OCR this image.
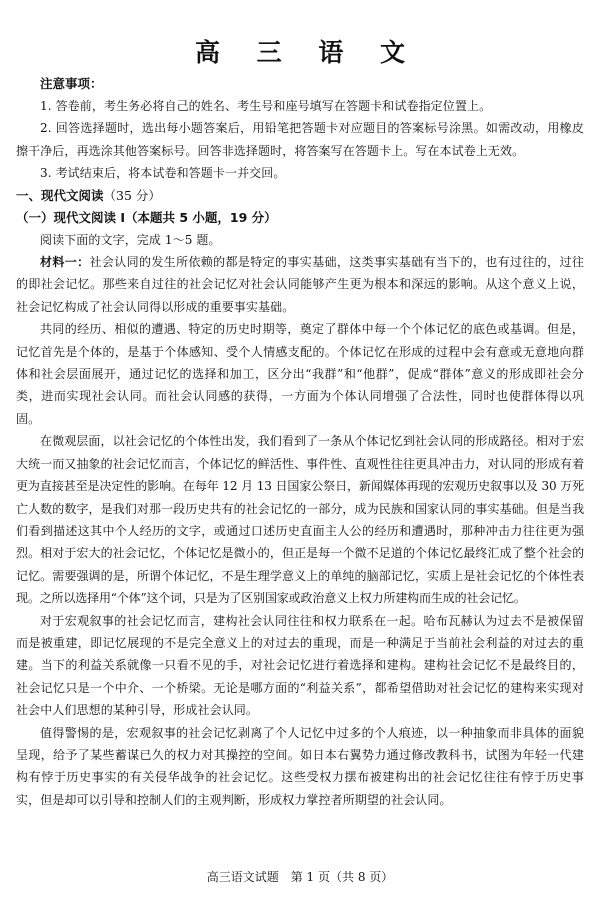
高 三 语 文
注意事项：

1. 答卷前，考生务必将自己的姓名、考生号和座号填写在答题卡和试卷指定位置上。

2. 回答选择题时，选出每小题答案后，用铅笔把答题卡对应题目的答案标号涂黑。如需改动，用橡皮擦干净后，再选涂其他答案标号。回答非选择题时，将答案写在答题卡上。写在本试卷上无效。

3. 考试结束后，将本试卷和答题卡一并交回。

一、现代文阅读（35 分）

（一）现代文阅读 I（本题共 5 小题，19 分）

阅读下面的文字，完成 1～5 题。

材料一：社会认同的发生所依赖的都是特定的事实基础，这类事实基础有当下的，也有过往的，过往的即社会记忆。那些来自过往的社会记忆对社会认同能够产生更为根本和深远的影响。从这个意义上说，社会记忆构成了社会认同得以形成的重要事实基础。

共同的经历、相似的遭遇、特定的历史时期等，奠定了群体中每一个个体记忆的底色或基调。但是，记忆首先是个体的，是基于个体感知、受个人情感支配的。个体记忆在形成的过程中会有意或无意地向群体和社会层面展开，通过记忆的选择和加工，区分出“我群”和“他群”，促成“群体”意义的形成即社会分类，进而实现社会认同。而社会认同感的获得，一方面为个体认同增强了合法性，同时也使群体得以巩固。

在微观层面，以社会记忆的个体性出发，我们看到了一条从个体记忆到社会认同的形成路径。相对于宏大统一而又抽象的社会记忆而言，个体记忆的鲜活性、事件性、直观性往往更具冲击力，对认同的形成有着更为直接甚至是决定性的影响。在每年 12 月 13 日国家公祭日，新闻媒体再现的宏观历史叙事以及 30 万死亡人数的数字，是我们对那一段历史共有的社会记忆的一部分，成为民族和国家认同的事实基础。但是当我们看到描述这其中个人经历的文字，或通过口述历史直面主人公的经历和遭遇时，那种冲击力往往更为强烈。相对于宏大的社会记忆，个体记忆是微小的，但正是每一个微不足道的个体记忆最终汇成了整个社会的记忆。需要强调的是，所谓个体记忆，不是生理学意义上的单纯的脑部记忆，实质上是社会记忆的个体性表现。之所以选择用“个体”这个词，只是为了区别国家或政治意义上权力所建构而生成的社会记忆。

对于宏观叙事的社会记忆而言，建构社会认同往往和权力联系在一起。哈布瓦赫认为过去不是被保留而是被重建，即记忆展现的不是完全意义上的对过去的重现，而是一种满足于当前社会利益的对过去的重建。当下的利益关系就像一只看不见的手，对社会记忆进行着选择和建构。建构社会记忆不是最终目的，社会记忆只是一个中介、一个桥梁。无论是哪方面的“利益关系”，都希望借助对社会记忆的建构来实现对社会中人们思想的某种引导，形成社会认同。

值得警惕的是，宏观叙事的社会记忆剥离了个人记忆中过多的个人痕迹，以一种抽象而非具体的面貌呈现，给予了某些蓄谋已久的权力对其操控的空间。如日本右翼势力通过修改教科书，试图为年轻一代建构有悖于历史事实的有关侵华战争的社会记忆。这些受权力摆布被建构出的社会记忆往往有悖于历史事实，但是却可以引导和控制人们的主观判断，形成权力掌控者所期望的社会认同。

高三语文试题　第 1 页（共 8 页）
